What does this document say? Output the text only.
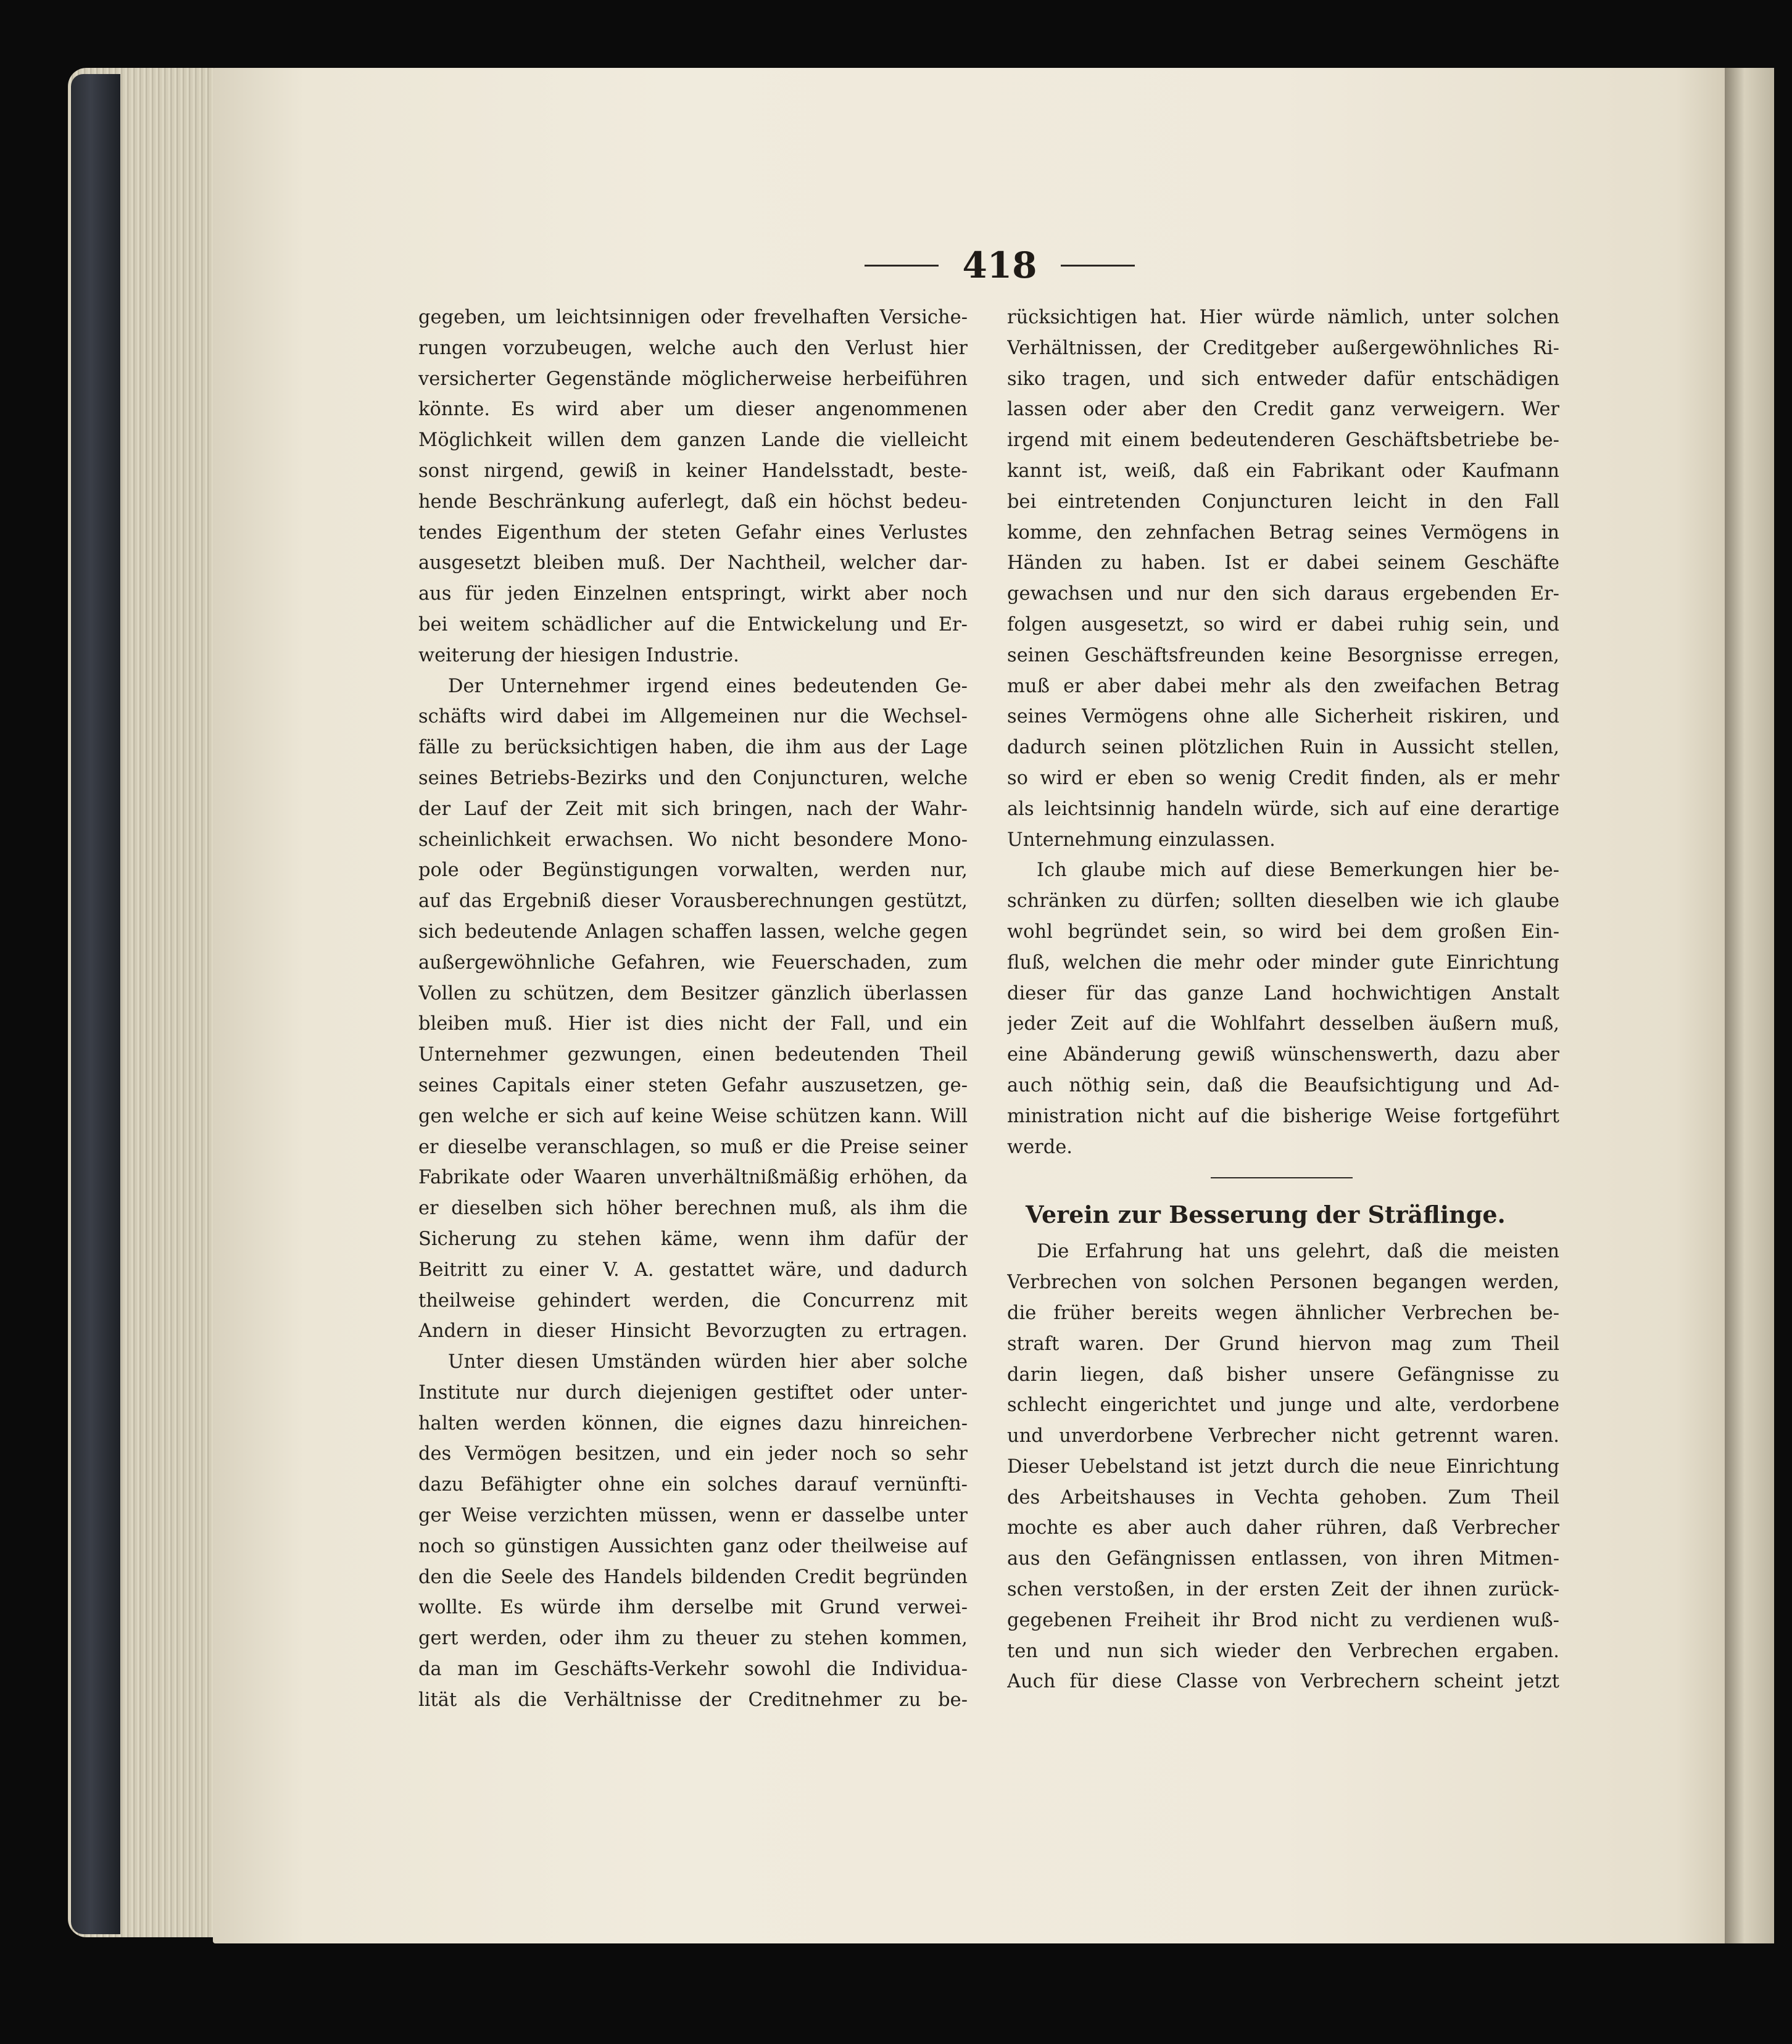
418
gegeben, um leichtsinnigen oder frevelhaften Versiche-
rungen vorzubeugen, welche auch den Verlust hier
versicherter Gegenstände möglicherweise herbeiführen
könnte. Es wird aber um dieser angenommenen
Möglichkeit willen dem ganzen Lande die vielleicht
sonst nirgend, gewiß in keiner Handelsstadt, beste-
hende Beschränkung auferlegt, daß ein höchst bedeu-
tendes Eigenthum der steten Gefahr eines Verlustes
ausgesetzt bleiben muß. Der Nachtheil, welcher dar-
aus für jeden Einzelnen entspringt, wirkt aber noch
bei weitem schädlicher auf die Entwickelung und Er-
weiterung der hiesigen Industrie.
Der Unternehmer irgend eines bedeutenden Ge-
schäfts wird dabei im Allgemeinen nur die Wechsel-
fälle zu berücksichtigen haben, die ihm aus der Lage
seines Betriebs-Bezirks und den Conjuncturen, welche
der Lauf der Zeit mit sich bringen, nach der Wahr-
scheinlichkeit erwachsen. Wo nicht besondere Mono-
pole oder Begünstigungen vorwalten, werden nur,
auf das Ergebniß dieser Vorausberechnungen gestützt,
sich bedeutende Anlagen schaffen lassen, welche gegen
außergewöhnliche Gefahren, wie Feuerschaden, zum
Vollen zu schützen, dem Besitzer gänzlich überlassen
bleiben muß. Hier ist dies nicht der Fall, und ein
Unternehmer gezwungen, einen bedeutenden Theil
seines Capitals einer steten Gefahr auszusetzen, ge-
gen welche er sich auf keine Weise schützen kann. Will
er dieselbe veranschlagen, so muß er die Preise seiner
Fabrikate oder Waaren unverhältnißmäßig erhöhen, da
er dieselben sich höher berechnen muß, als ihm die
Sicherung zu stehen käme, wenn ihm dafür der
Beitritt zu einer V. A. gestattet wäre, und dadurch
theilweise gehindert werden, die Concurrenz mit
Andern in dieser Hinsicht Bevorzugten zu ertragen.
Unter diesen Umständen würden hier aber solche
Institute nur durch diejenigen gestiftet oder unter-
halten werden können, die eignes dazu hinreichen-
des Vermögen besitzen, und ein jeder noch so sehr
dazu Befähigter ohne ein solches darauf vernünfti-
ger Weise verzichten müssen, wenn er dasselbe unter
noch so günstigen Aussichten ganz oder theilweise auf
den die Seele des Handels bildenden Credit begründen
wollte. Es würde ihm derselbe mit Grund verwei-
gert werden, oder ihm zu theuer zu stehen kommen,
da man im Geschäfts-Verkehr sowohl die Individua-
lität als die Verhältnisse der Creditnehmer zu be-
rücksichtigen hat. Hier würde nämlich, unter solchen
Verhältnissen, der Creditgeber außergewöhnliches Ri-
siko tragen, und sich entweder dafür entschädigen
lassen oder aber den Credit ganz verweigern. Wer
irgend mit einem bedeutenderen Geschäftsbetriebe be-
kannt ist, weiß, daß ein Fabrikant oder Kaufmann
bei eintretenden Conjuncturen leicht in den Fall
komme, den zehnfachen Betrag seines Vermögens in
Händen zu haben. Ist er dabei seinem Geschäfte
gewachsen und nur den sich daraus ergebenden Er-
folgen ausgesetzt, so wird er dabei ruhig sein, und
seinen Geschäftsfreunden keine Besorgnisse erregen,
muß er aber dabei mehr als den zweifachen Betrag
seines Vermögens ohne alle Sicherheit riskiren, und
dadurch seinen plötzlichen Ruin in Aussicht stellen,
so wird er eben so wenig Credit finden, als er mehr
als leichtsinnig handeln würde, sich auf eine derartige
Unternehmung einzulassen.
Ich glaube mich auf diese Bemerkungen hier be-
schränken zu dürfen; sollten dieselben wie ich glaube
wohl begründet sein, so wird bei dem großen Ein-
fluß, welchen die mehr oder minder gute Einrichtung
dieser für das ganze Land hochwichtigen Anstalt
jeder Zeit auf die Wohlfahrt desselben äußern muß,
eine Abänderung gewiß wünschenswerth, dazu aber
auch nöthig sein, daß die Beaufsichtigung und Ad-
ministration nicht auf die bisherige Weise fortgeführt
werde.
Verein zur Besserung der Sträflinge.
Die Erfahrung hat uns gelehrt, daß die meisten
Verbrechen von solchen Personen begangen werden,
die früher bereits wegen ähnlicher Verbrechen be-
straft waren. Der Grund hiervon mag zum Theil
darin liegen, daß bisher unsere Gefängnisse zu
schlecht eingerichtet und junge und alte, verdorbene
und unverdorbene Verbrecher nicht getrennt waren.
Dieser Uebelstand ist jetzt durch die neue Einrichtung
des Arbeitshauses in Vechta gehoben. Zum Theil
mochte es aber auch daher rühren, daß Verbrecher
aus den Gefängnissen entlassen, von ihren Mitmen-
schen verstoßen, in der ersten Zeit der ihnen zurück-
gegebenen Freiheit ihr Brod nicht zu verdienen wuß-
ten und nun sich wieder den Verbrechen ergaben.
Auch für diese Classe von Verbrechern scheint jetzt
